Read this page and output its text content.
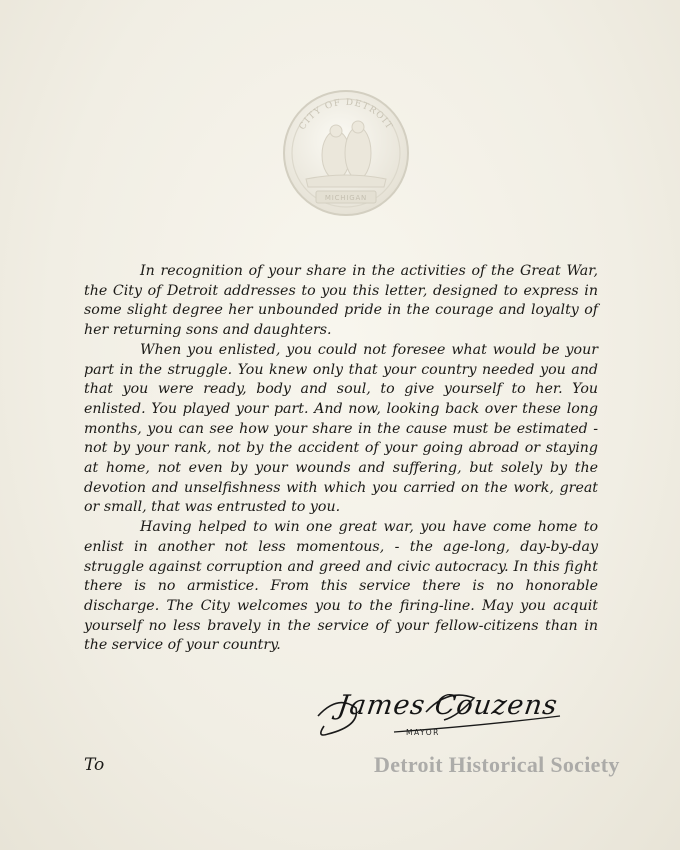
CITY OF DETROIT
MICHIGAN

In recognition of your share in the activities of the Great War, the City of Detroit addresses to you this letter, designed to express in some slight degree her unbounded pride in the courage and loyalty of her returning sons and daughters.

When you enlisted, you could not foresee what would be your part in the struggle. You knew only that your country needed you and that you were ready, body and soul, to give yourself to her. You enlisted. You played your part. And now, looking back over these long months, you can see how your share in the cause must be estimated - not by your rank, not by the accident of your going abroad or staying at home, not even by your wounds and suffering, but solely by the devotion and unselfishness with which you carried on the work, great or small, that was entrusted to you.

Having helped to win one great war, you have come home to enlist in another not less momentous, - the age-long, day-by-day struggle against corruption and greed and civic autocracy. In this fight there is no armistice. From this service there is no honorable discharge. The City welcomes you to the firing-line. May you acquit yourself no less bravely in the service of your fellow-citizens than in the service of your country.

James Couzens
MAYOR
To	Detroit Historical Society
